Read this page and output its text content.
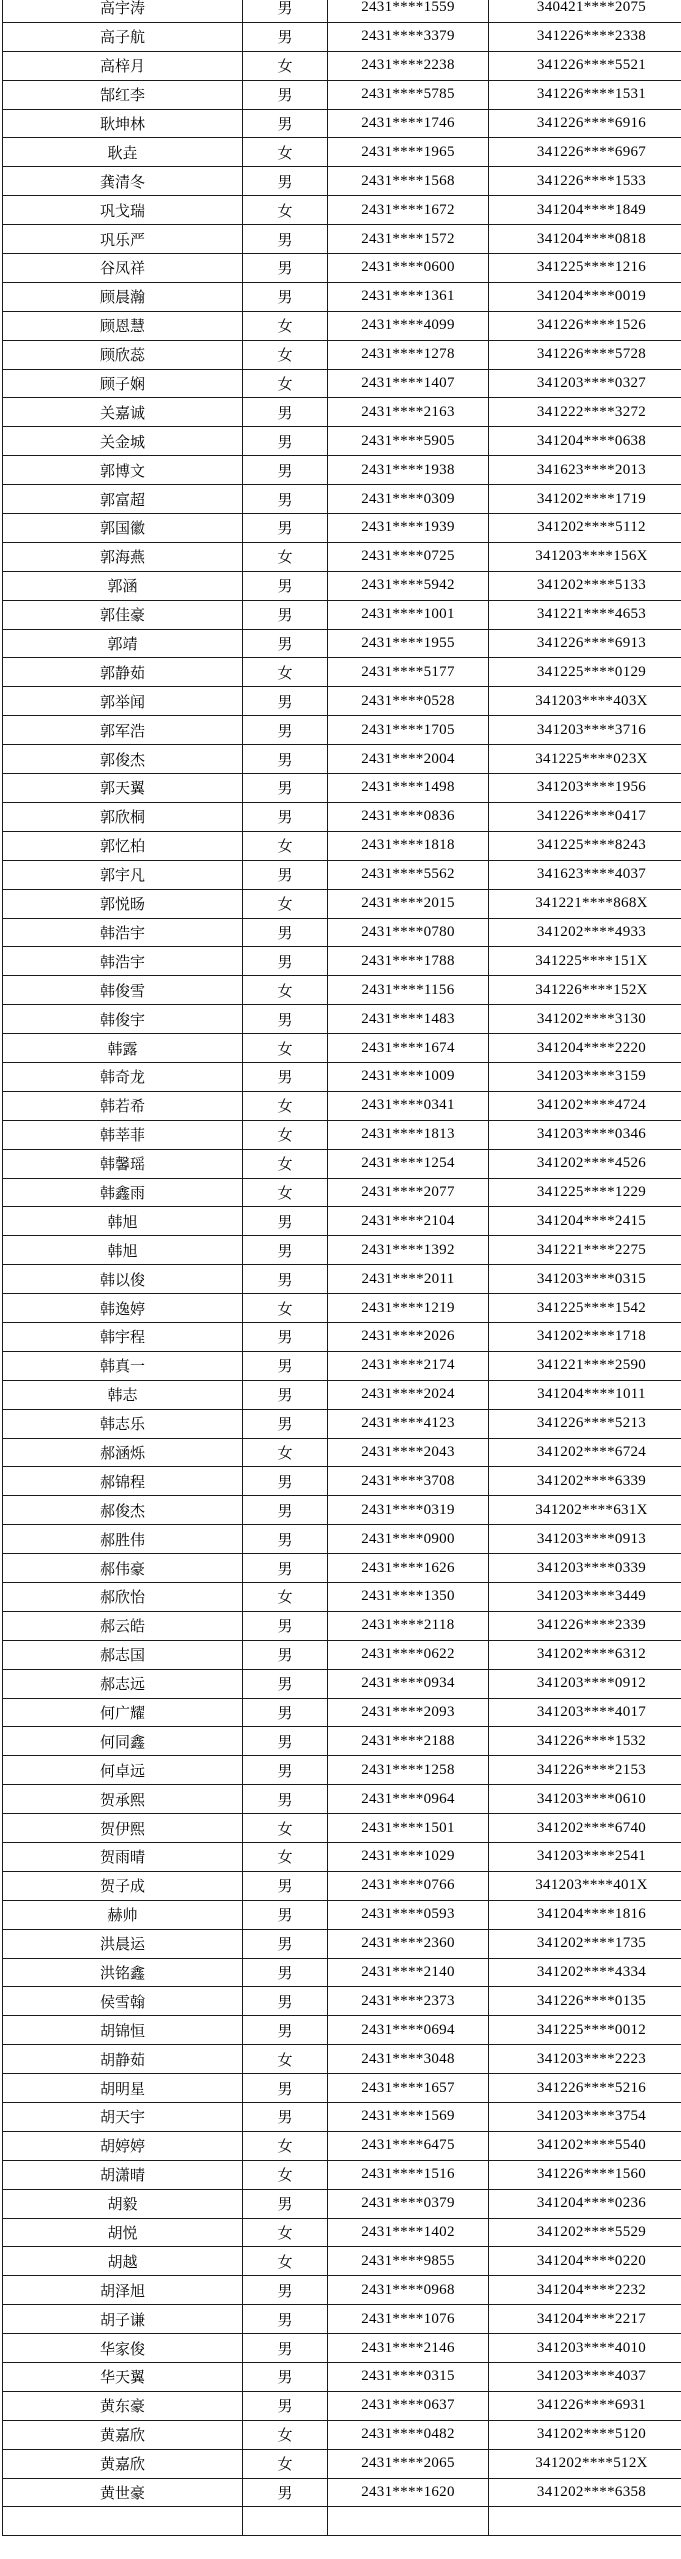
高宇涛	男	2431****1559	340421****2075
高子航	男	2431****3379	341226****2338
高梓月	女	2431****2238	341226****5521
郜红李	男	2431****5785	341226****1531
耿坤林	男	2431****1746	341226****6916
耿垚	女	2431****1965	341226****6967
龚清冬	男	2431****1568	341226****1533
巩戈瑞	女	2431****1672	341204****1849
巩乐严	男	2431****1572	341204****0818
谷凤祥	男	2431****0600	341225****1216
顾晨瀚	男	2431****1361	341204****0019
顾恩慧	女	2431****4099	341226****1526
顾欣蕊	女	2431****1278	341226****5728
顾子娴	女	2431****1407	341203****0327
关嘉诚	男	2431****2163	341222****3272
关金城	男	2431****5905	341204****0638
郭博文	男	2431****1938	341623****2013
郭富超	男	2431****0309	341202****1719
郭国徽	男	2431****1939	341202****5112
郭海燕	女	2431****0725	341203****156X
郭涵	男	2431****5942	341202****5133
郭佳豪	男	2431****1001	341221****4653
郭靖	男	2431****1955	341226****6913
郭静茹	女	2431****5177	341225****0129
郭举闻	男	2431****0528	341203****403X
郭军浩	男	2431****1705	341203****3716
郭俊杰	男	2431****2004	341225****023X
郭天翼	男	2431****1498	341203****1956
郭欣桐	男	2431****0836	341226****0417
郭忆柏	女	2431****1818	341225****8243
郭宇凡	男	2431****5562	341623****4037
郭悦旸	女	2431****2015	341221****868X
韩浩宇	男	2431****0780	341202****4933
韩浩宇	男	2431****1788	341225****151X
韩俊雪	女	2431****1156	341226****152X
韩俊宇	男	2431****1483	341202****3130
韩露	女	2431****1674	341204****2220
韩奇龙	男	2431****1009	341203****3159
韩若希	女	2431****0341	341202****4724
韩莘菲	女	2431****1813	341203****0346
韩馨瑶	女	2431****1254	341202****4526
韩鑫雨	女	2431****2077	341225****1229
韩旭	男	2431****2104	341204****2415
韩旭	男	2431****1392	341221****2275
韩以俊	男	2431****2011	341203****0315
韩逸婷	女	2431****1219	341225****1542
韩宇程	男	2431****2026	341202****1718
韩真一	男	2431****2174	341221****2590
韩志	男	2431****2024	341204****1011
韩志乐	男	2431****4123	341226****5213
郝涵烁	女	2431****2043	341202****6724
郝锦程	男	2431****3708	341202****6339
郝俊杰	男	2431****0319	341202****631X
郝胜伟	男	2431****0900	341203****0913
郝伟豪	男	2431****1626	341203****0339
郝欣怡	女	2431****1350	341203****3449
郝云皓	男	2431****2118	341226****2339
郝志国	男	2431****0622	341202****6312
郝志远	男	2431****0934	341203****0912
何广耀	男	2431****2093	341203****4017
何同鑫	男	2431****2188	341226****1532
何卓远	男	2431****1258	341226****2153
贺承熙	男	2431****0964	341203****0610
贺伊熙	女	2431****1501	341202****6740
贺雨晴	女	2431****1029	341203****2541
贺子成	男	2431****0766	341203****401X
赫帅	男	2431****0593	341204****1816
洪晨运	男	2431****2360	341202****1735
洪铭鑫	男	2431****2140	341202****4334
侯雪翰	男	2431****2373	341226****0135
胡锦恒	男	2431****0694	341225****0012
胡静茹	女	2431****3048	341203****2223
胡明星	男	2431****1657	341226****5216
胡天宇	男	2431****1569	341203****3754
胡婷婷	女	2431****6475	341202****5540
胡潇晴	女	2431****1516	341226****1560
胡毅	男	2431****0379	341204****0236
胡悦	女	2431****1402	341202****5529
胡越	女	2431****9855	341204****0220
胡泽旭	男	2431****0968	341204****2232
胡子谦	男	2431****1076	341204****2217
华家俊	男	2431****2146	341203****4010
华天翼	男	2431****0315	341203****4037
黄东豪	男	2431****0637	341226****6931
黄嘉欣	女	2431****0482	341202****5120
黄嘉欣	女	2431****2065	341202****512X
黄世豪	男	2431****1620	341202****6358
